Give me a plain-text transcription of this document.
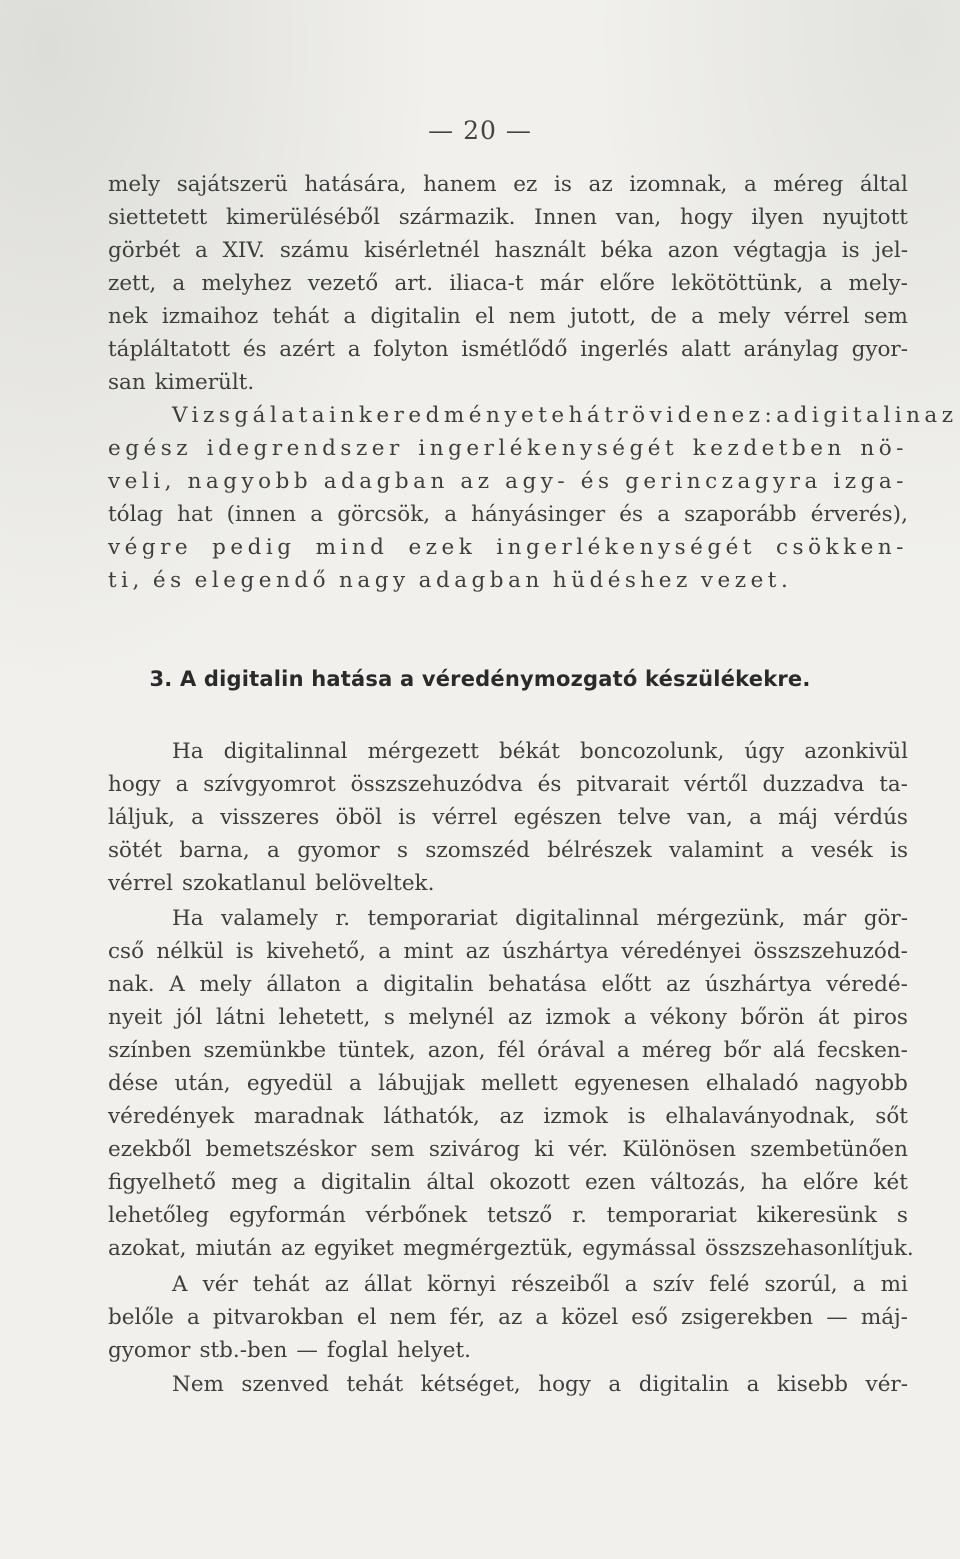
— 20 —
mely sajátszerü hatására, hanem ez is az izomnak, a méreg által
siettetett kimerüléséből származik. Innen van, hogy ilyen nyujtott
görbét a XIV. számu kisérletnél használt béka azon végtagja is jel-
zett, a melyhez vezető art. iliaca-t már előre lekötöttünk, a mely-
nek izmaihoz tehát a digitalin el nem jutott, de a mely vérrel sem
tápláltatott és azért a folyton ismétlődő ingerlés alatt aránylag gyor-
san kimerült.
Vizsgálataink eredménye tehát röviden ez: a digitalin az
egész idegrendszer ingerlékenységét kezdetben nö-
veli, nagyobb adagban az agy- és gerinczagyra izga-
tólag hat (innen a görcsök, a hányásinger és a szaporább érverés),
végre pedig mind ezek ingerlékenységét csökken-
ti, és elegendő nagy adagban hüdéshez vezet.
3. A digitalin hatása a véredénymozgató készülékekre.
Ha digitalinnal mérgezett békát boncozolunk, úgy azonkivül
hogy a szívgyomrot összszehuzódva és pitvarait vértől duzzadva ta-
láljuk, a visszeres öböl is vérrel egészen telve van, a máj vérdús
sötét barna, a gyomor s szomszéd bélrészek valamint a vesék is
vérrel szokatlanul belöveltek.
Ha valamely r. temporariat digitalinnal mérgezünk, már gör-
cső nélkül is kivehető, a mint az úszhártya véredényei összszehuzód-
nak. A mely állaton a digitalin behatása előtt az úszhártya véredé-
nyeit jól látni lehetett, s melynél az izmok a vékony bőrön át piros
színben szemünkbe tüntek, azon, fél órával a méreg bőr alá fecsken-
dése után, egyedül a lábujjak mellett egyenesen elhaladó nagyobb
véredények maradnak láthatók, az izmok is elhalaványodnak, sőt
ezekből bemetszéskor sem szivárog ki vér. Különösen szembetünően
figyelhető meg a digitalin által okozott ezen változás, ha előre két
lehetőleg egyformán vérbőnek tetsző r. temporariat kikeresünk s
azokat, miután az egyiket megmérgeztük, egymással összszehasonlítjuk.
A vér tehát az állat környi részeiből a szív felé szorúl, a mi
belőle a pitvarokban el nem fér, az a közel eső zsigerekben — máj-
gyomor stb.-ben — foglal helyet.
Nem szenved tehát kétséget, hogy a digitalin a kisebb vér-
